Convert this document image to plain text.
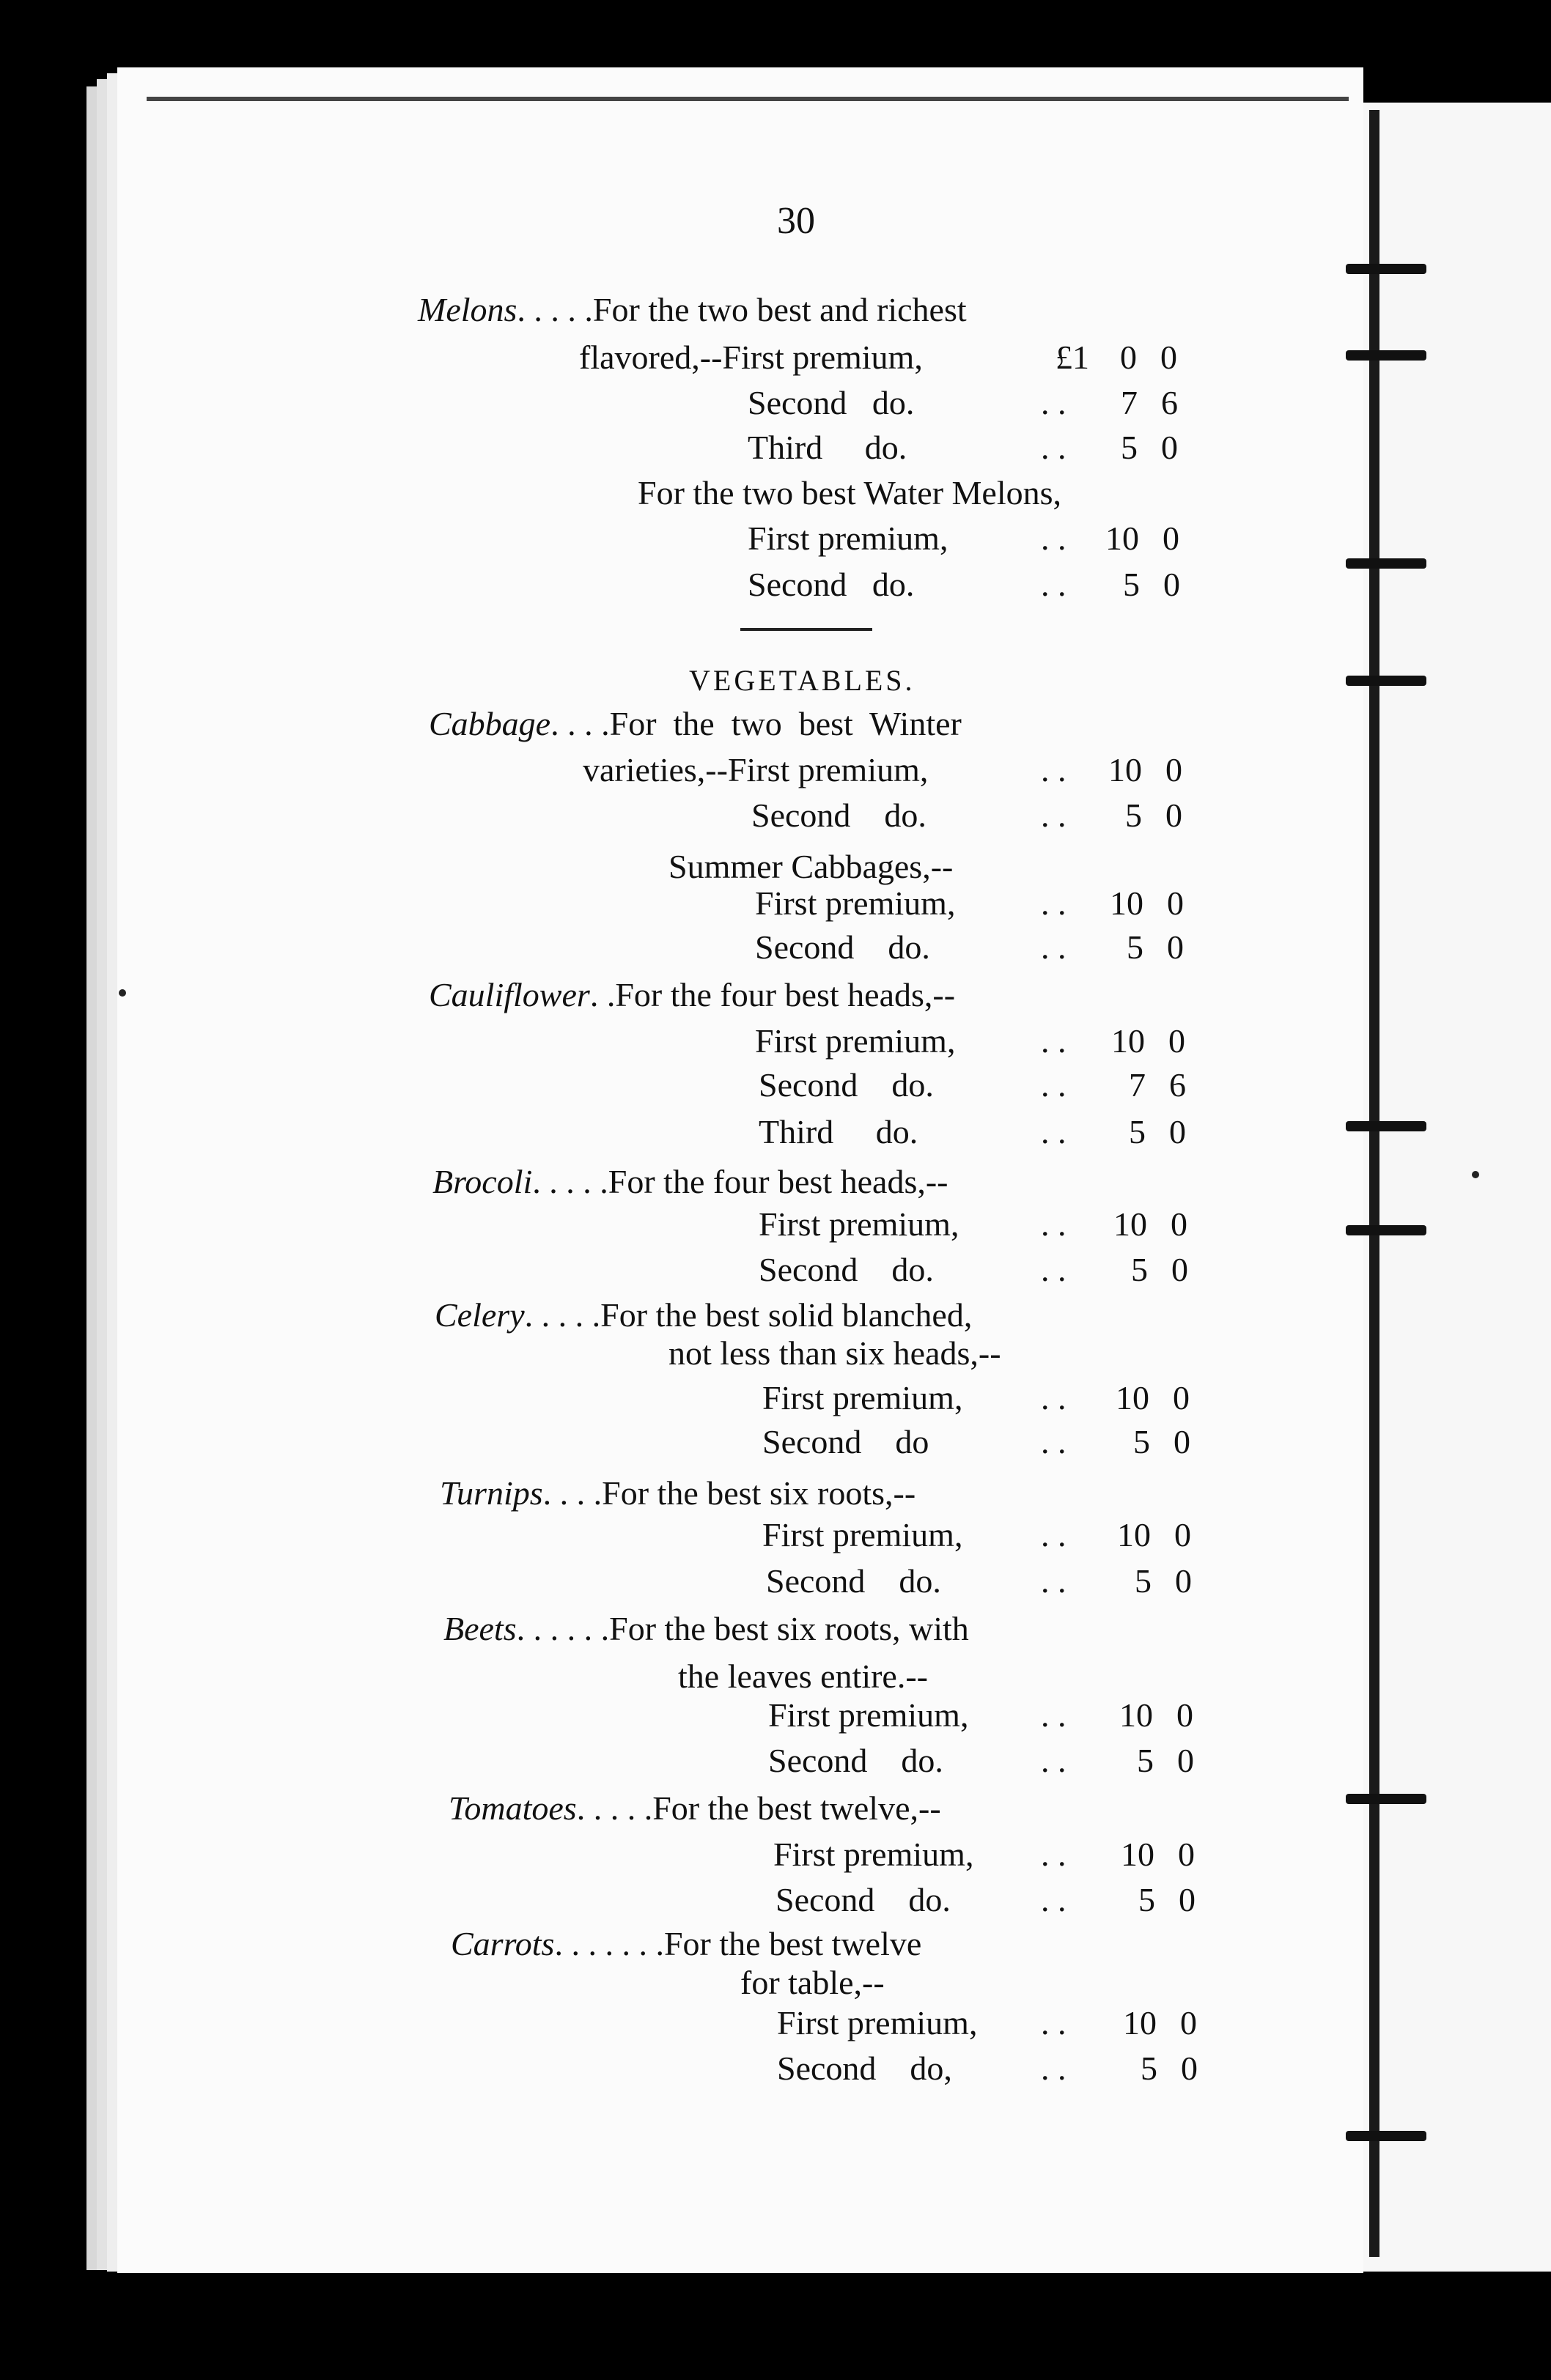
30
VEGETABLES.
Melons. . . . .For the two best and richest
flavored,--First premium,	£1 0 0
Second   do.	. . 7 6
Third     do.	. . 5 0
For the two best Water Melons,
First premium,	. . 10 0
Second   do.	. . 5 0
Cabbage. . . .For  the  two  best  Winter
varieties,--First premium,	. . 10 0
Second    do.	. . 5 0
Summer Cabbages,--
First premium,	. . 10 0
Second    do.	. . 5 0
Cauliflower. .For the four best heads,--
First premium,	. . 10 0
Second    do.	. . 7 6
Third     do.	. . 5 0
Brocoli. . . . .For the four best heads,--
First premium, . . 10 0
Second    do.	. . 5 0
Celery. . . . .For the best solid blanched,
not less than six heads,--
First premium, . . 10 0
Second    do	. . 5 0
Turnips. . . .For the best six roots,--
First premium, . . 10 0
Second    do.	. . 5 0
Beets. . . . . .For the best six roots, with
the leaves entire.--
First premium, . . 10 0
Second    do.	. . 5 0
Tomatoes. . . . .For the best twelve,--
First premium, . . 10 0
Second    do.	. . 5 0
Carrots. . . . . . .For the best twelve
for table,--
First premium, . . 10 0
Second    do,	. . 5 0
